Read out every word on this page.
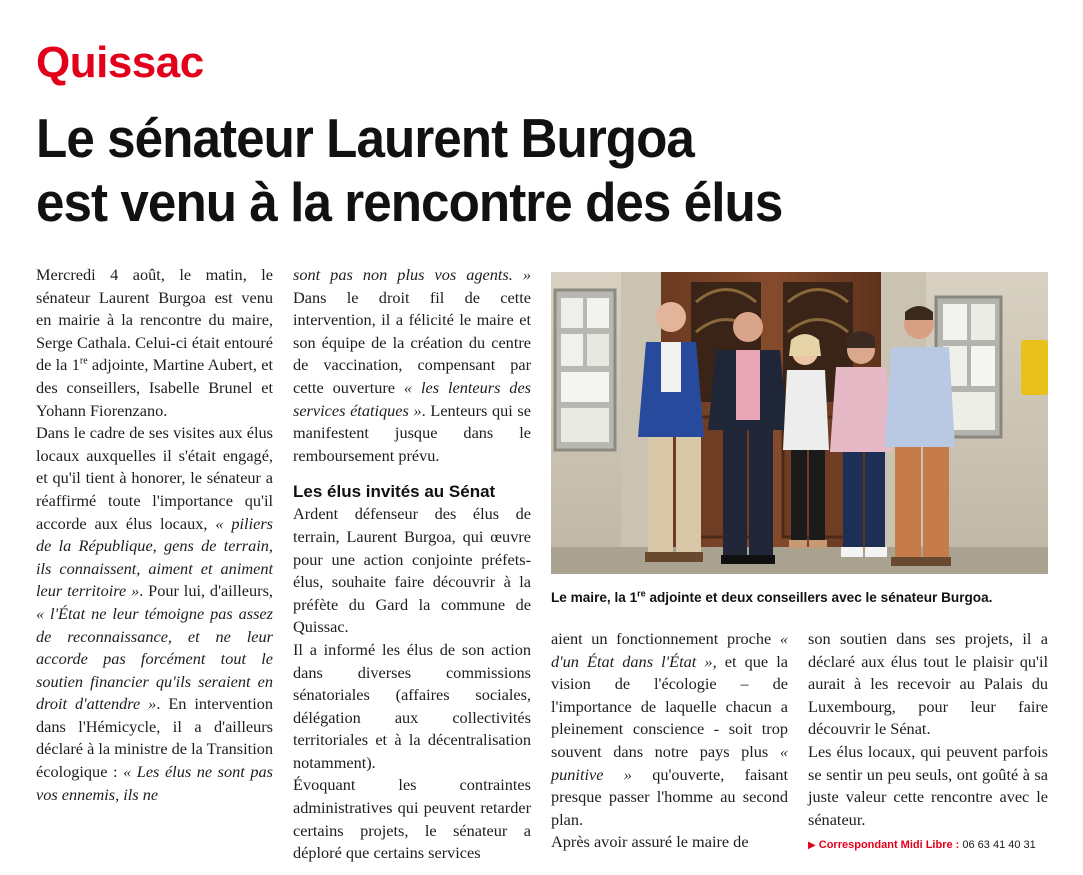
Quissac
Le sénateur Laurent Burgoa
est venu à la rencontre des élus

Mercredi 4 août, le matin, le sénateur Laurent Burgoa est venu en mairie à la rencontre du maire, Serge Cathala. Celui-ci était entouré de la 1re adjointe, Martine Aubert, et des conseillers, Isabelle Brunel et Yohann Fiorenzano.

Dans le cadre de ses visites aux élus locaux auxquelles il s'était engagé, et qu'il tient à honorer, le sénateur a réaffirmé toute l'importance qu'il accorde aux élus locaux, « piliers de la République, gens de terrain, ils connaissent, aiment et animent leur territoire ». Pour lui, d'ailleurs, « l'État ne leur témoigne pas assez de reconnaissance, et ne leur accorde pas forcément tout le soutien financier qu'ils seraient en droit d'attendre ». En intervention dans l'Hémicycle, il a d'ailleurs déclaré à la ministre de la Transition écologique : « Les élus ne sont pas vos ennemis, ils ne

sont pas non plus vos agents. » Dans le droit fil de cette intervention, il a félicité le maire et son équipe de la création du centre de vaccination, compensant par cette ouverture « les lenteurs des services étatiques ». Lenteurs qui se manifestent jusque dans le remboursement prévu.

Les élus invités au Sénat

Ardent défenseur des élus de terrain, Laurent Burgoa, qui œuvre pour une action conjointe préfets-élus, souhaite faire découvrir à la préfète du Gard la commune de Quissac.

Il a informé les élus de son action dans diverses commissions sénatoriales (affaires sociales, délégation aux collectivités territoriales et à la décentralisation notamment).

Évoquant les contraintes administratives qui peuvent retarder certains projets, le sénateur a déploré que certains services

Le maire, la 1re adjointe et deux conseillers avec le sénateur Burgoa.

aient un fonctionnement proche « d'un État dans l'État », et que la vision de l'écologie – de l'importance de laquelle chacun a pleinement conscience - soit trop souvent dans notre pays plus « punitive » qu'ouverte, faisant presque passer l'homme au second plan.

Après avoir assuré le maire de

son soutien dans ses projets, il a déclaré aux élus tout le plaisir qu'il aurait à les recevoir au Palais du Luxembourg, pour leur faire découvrir le Sénat.

Les élus locaux, qui peuvent parfois se sentir un peu seuls, ont goûté à sa juste valeur cette rencontre avec le sénateur.

▶ Correspondant Midi Libre : 06 63 41 40 31
